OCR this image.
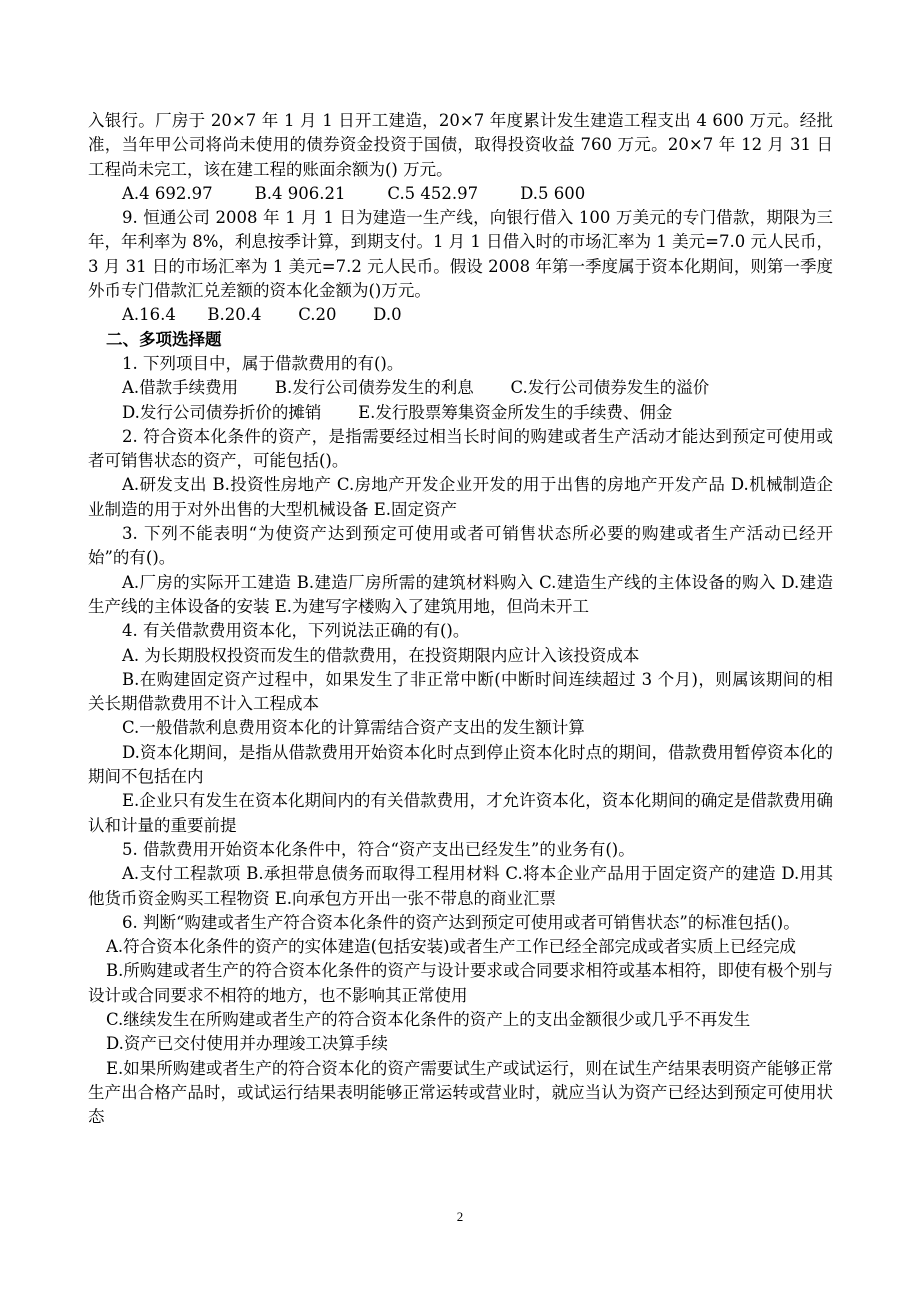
入银行。厂房于 20×7 年 1 月 1 日开工建造，20×7 年度累计发生建造工程支出 4 600 万元。经批准，当年甲公司将尚未使用的债券资金投资于国债，取得投资收益 760 万元。20×7 年 12 月 31 日工程尚未完工，该在建工程的账面余额为() 万元。

A.4 692.97        B.4 906.21        C.5 452.97        D.5 600

9. 恒通公司 2008 年 1 月 1 日为建造一生产线，向银行借入 100 万美元的专门借款，期限为三年，年利率为 8%，利息按季计算，到期支付。1 月 1 日借入时的市场汇率为 1 美元=7.0 元人民币，3 月 31 日的市场汇率为 1 美元=7.2 元人民币。假设 2008 年第一季度属于资本化期间，则第一季度外币专门借款汇兑差额的资本化金额为()万元。

A.16.4      B.20.4       C.20       D.0

二、多项选择题

1. 下列项目中，属于借款费用的有()。

A.借款手续费用       B.发行公司债券发生的利息       C.发行公司债券发生的溢价

D.发行公司债券折价的摊销       E.发行股票筹集资金所发生的手续费、佣金

2. 符合资本化条件的资产，是指需要经过相当长时间的购建或者生产活动才能达到预定可使用或者可销售状态的资产，可能包括()。

A.研发支出 B.投资性房地产 C.房地产开发企业开发的用于出售的房地产开发产品 D.机械制造企业制造的用于对外出售的大型机械设备 E.固定资产

3. 下列不能表明“为使资产达到预定可使用或者可销售状态所必要的购建或者生产活动已经开始”的有()。

A.厂房的实际开工建造 B.建造厂房所需的建筑材料购入 C.建造生产线的主体设备的购入 D.建造生产线的主体设备的安装 E.为建写字楼购入了建筑用地，但尚未开工

4. 有关借款费用资本化，下列说法正确的有()。

A. 为长期股权投资而发生的借款费用，在投资期限内应计入该投资成本

B.在购建固定资产过程中，如果发生了非正常中断(中断时间连续超过 3 个月)，则属该期间的相关长期借款费用不计入工程成本

C.一般借款利息费用资本化的计算需结合资产支出的发生额计算

D.资本化期间，是指从借款费用开始资本化时点到停止资本化时点的期间，借款费用暂停资本化的期间不包括在内

E.企业只有发生在资本化期间内的有关借款费用，才允许资本化，资本化期间的确定是借款费用确认和计量的重要前提

5. 借款费用开始资本化条件中，符合“资产支出已经发生”的业务有()。

A.支付工程款项 B.承担带息债务而取得工程用材料 C.将本企业产品用于固定资产的建造 D.用其他货币资金购买工程物资 E.向承包方开出一张不带息的商业汇票

6. 判断“购建或者生产符合资本化条件的资产达到预定可使用或者可销售状态”的标准包括()。

A.符合资本化条件的资产的实体建造(包括安装)或者生产工作已经全部完成或者实质上已经完成

B.所购建或者生产的符合资本化条件的资产与设计要求或合同要求相符或基本相符，即使有极个别与设计或合同要求不相符的地方，也不影响其正常使用

C.继续发生在所购建或者生产的符合资本化条件的资产上的支出金额很少或几乎不再发生

D.资产已交付使用并办理竣工决算手续

E.如果所购建或者生产的符合资本化的资产需要试生产或试运行，则在试生产结果表明资产能够正常生产出合格产品时，或试运行结果表明能够正常运转或营业时，就应当认为资产已经达到预定可使用状态

2
